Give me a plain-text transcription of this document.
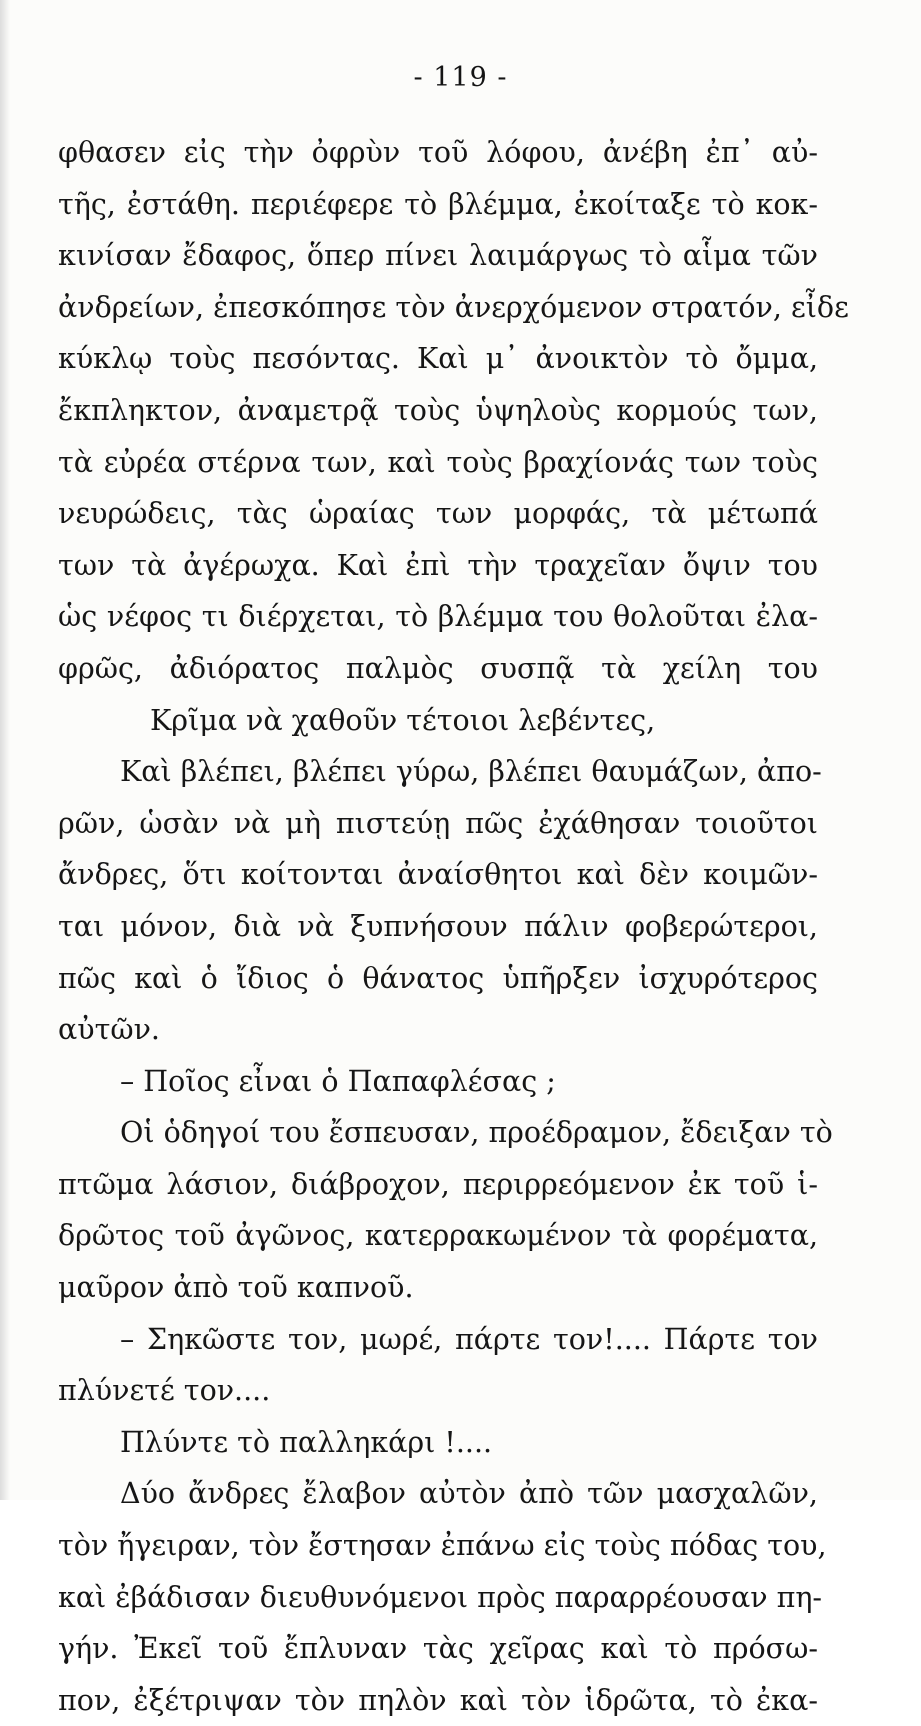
- 119 -
φθασεν εἰς τὴν ὀφρὺν τοῦ λόφου, ἀνέβη ἐπ᾽ αὐ-
τῆς, ἐστάθη. περιέφερε τὸ βλέμμα, ἐκοίταξε τὸ κοκ-
κινίσαν ἔδαφος, ὅπερ πίνει λαιμάργως τὸ αἷμα τῶν
ἀνδρείων, ἐπεσκόπησε τὸν ἀνερχόμενον στρατόν, εἶδε
κύκλῳ τοὺς πεσόντας. Καὶ μ᾽ ἀνοικτὸν τὸ ὄμμα,
ἔκπληκτον, ἀναμετρᾷ τοὺς ὑψηλοὺς κορμούς των,
τὰ εὐρέα στέρνα των, καὶ τοὺς βραχίονάς των τοὺς
νευρώδεις, τὰς ὡραίας των μορφάς, τὰ μέτωπά
των τὰ ἀγέρωχα. Καὶ ἐπὶ τὴν τραχεῖαν ὄψιν του
ὡς νέφος τι διέρχεται, τὸ βλέμμα του θολοῦται ἐλα-
φρῶς, ἀδιόρατος παλμὸς συσπᾷ τὰ χείλη του
Κρῖμα νὰ χαθοῦν τέτοιοι λεβέντες,
Καὶ βλέπει, βλέπει γύρω, βλέπει θαυμάζων, ἀπο-
ρῶν, ὡσὰν νὰ μὴ πιστεύῃ πῶς ἐχάθησαν τοιοῦτοι
ἄνδρες, ὅτι κοίτονται ἀναίσθητοι καὶ δὲν κοιμῶν-
ται μόνον, διὰ νὰ ξυπνήσουν πάλιν φοβερώτεροι,
πῶς καὶ ὁ ἴδιος ὁ θάνατος ὑπῆρξεν ἰσχυρότερος
αὐτῶν.
– Ποῖος εἶναι ὁ Παπαφλέσας ;
Οἱ ὁδηγοί του ἔσπευσαν, προέδραμον, ἔδειξαν τὸ
πτῶμα λάσιον, διάβροχον, περιρρεόμενον ἐκ τοῦ ἱ-
δρῶτος τοῦ ἀγῶνος, κατερρακωμένον τὰ φορέματα,
μαῦρον ἀπὸ τοῦ καπνοῦ.
– Σηκῶστε τον, μωρέ, πάρτε τον!.... Πάρτε τον
πλύνετέ τον....
Πλύντε τὸ παλληκάρι !....
Δύο ἄνδρες ἔλαβον αὐτὸν ἀπὸ τῶν μασχαλῶν,
τὸν ἤγειραν, τὸν ἔστησαν ἐπάνω εἰς τοὺς πόδας του,
καὶ ἐβάδισαν διευθυνόμενοι πρὸς παραρρέουσαν πη-
γήν. Ἐκεῖ τοῦ ἔπλυναν τὰς χεῖρας καὶ τὸ πρόσω-
πον, ἐξέτριψαν τὸν πηλὸν καὶ τὸν ἱδρῶτα, τὸ ἐκα-
